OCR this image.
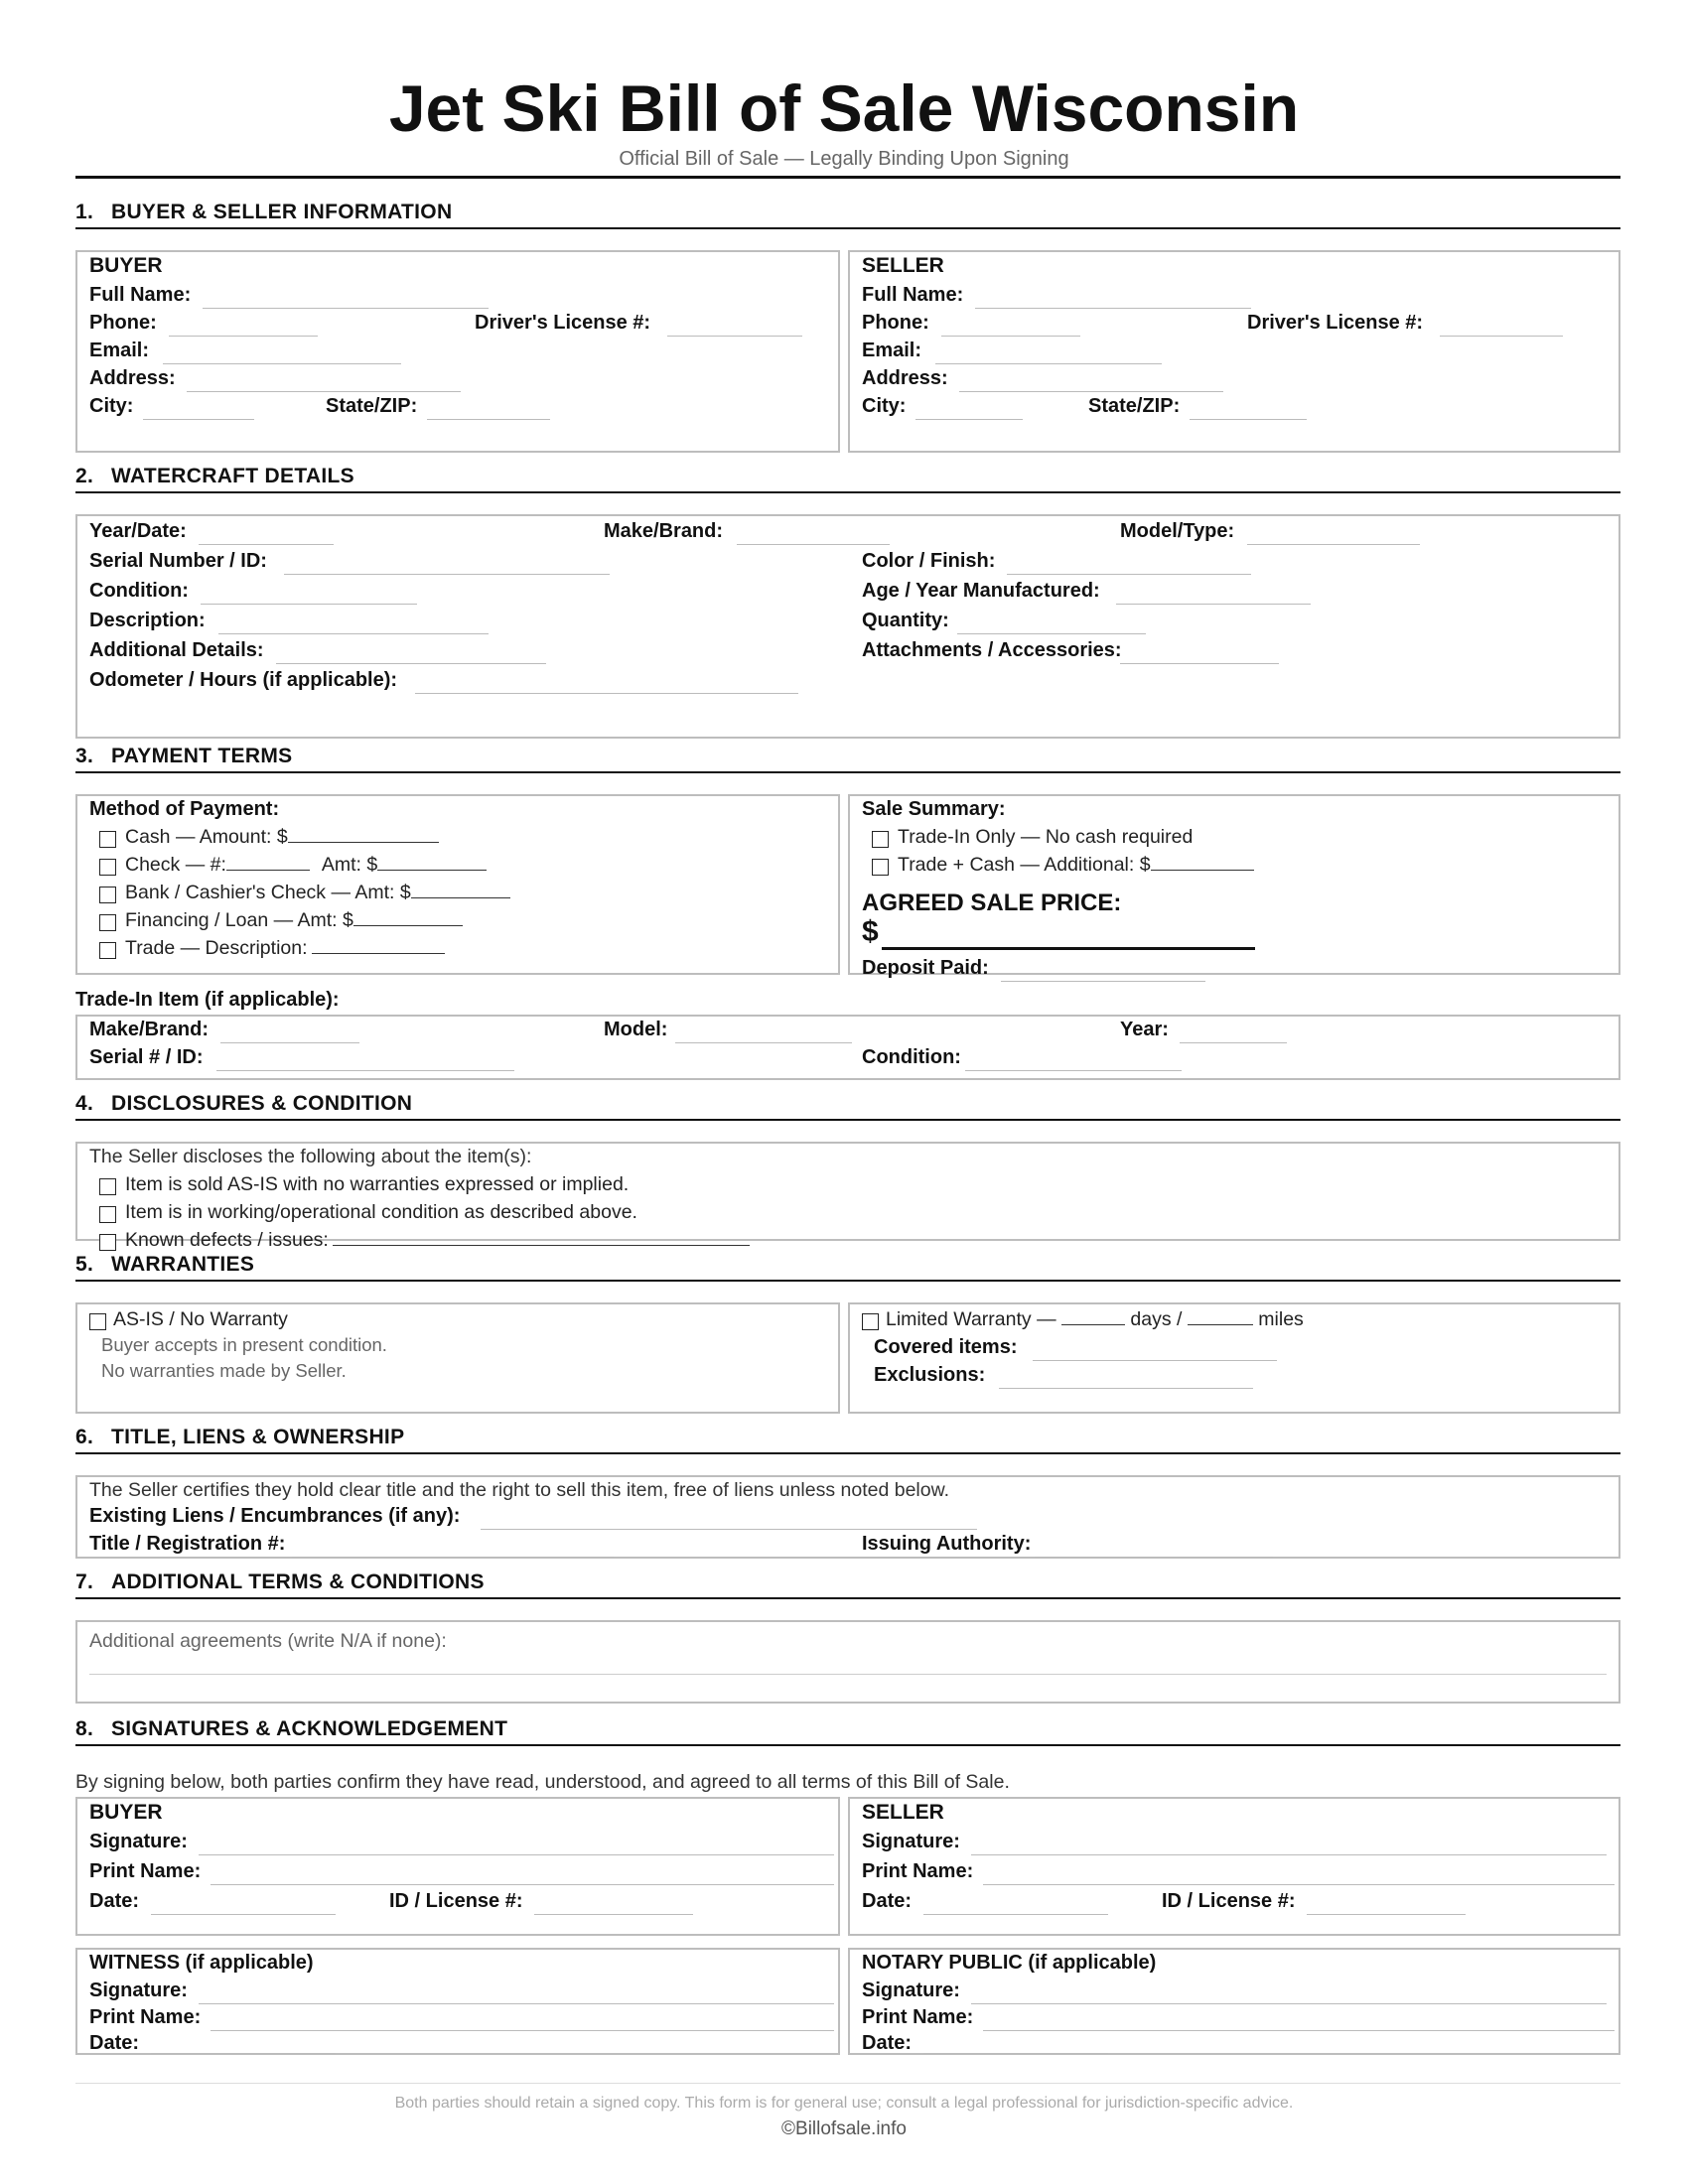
Jet Ski Bill of Sale Wisconsin
Official Bill of Sale — Legally Binding Upon Signing
1. BUYER & SELLER INFORMATION
BUYER
Full Name:
Phone:	Driver's License #:
Email:
Address:
City:	State/ZIP:
SELLER
Full Name:
Phone:	Driver's License #:
Email:
Address:
City:	State/ZIP:
2. WATERCRAFT DETAILS
Year/Date:	Make/Brand:	Model/Type:
Serial Number / ID:	Color / Finish:
Condition:	Age / Year Manufactured:
Description:	Quantity:
Additional Details:	Attachments / Accessories:
Odometer / Hours (if applicable):
3. PAYMENT TERMS
Method of Payment:
Cash — Amount: $
Check — #:	Amt: $
Bank / Cashier's Check — Amt: $
Financing / Loan — Amt: $
Trade — Description:
Sale Summary:
Trade-In Only — No cash required
Trade + Cash — Additional: $
AGREED SALE PRICE:
$
Deposit Paid:
Trade-In Item (if applicable):
Make/Brand:	Model:	Year:
Serial # / ID:	Condition:
4. DISCLOSURES & CONDITION
The Seller discloses the following about the item(s):
Item is sold AS-IS with no warranties expressed or implied.
Item is in working/operational condition as described above.
Known defects / issues:
5. WARRANTIES
AS-IS / No Warranty
Buyer accepts in present condition.
No warranties made by Seller.
Limited Warranty —	days /	miles
Covered items:
Exclusions:
6. TITLE, LIENS & OWNERSHIP
The Seller certifies they hold clear title and the right to sell this item, free of liens unless noted below.
Existing Liens / Encumbrances (if any):
Title / Registration #:	Issuing Authority:
7. ADDITIONAL TERMS & CONDITIONS
Additional agreements (write N/A if none):
8. SIGNATURES & ACKNOWLEDGEMENT
By signing below, both parties confirm they have read, understood, and agreed to all terms of this Bill of Sale.
BUYER
Signature:
Print Name:
Date:	ID / License #:
SELLER
Signature:
Print Name:
Date:	ID / License #:
WITNESS (if applicable)
Signature:
Print Name:
Date:
NOTARY PUBLIC (if applicable)
Signature:
Print Name:
Date:
Both parties should retain a signed copy. This form is for general use; consult a legal professional for jurisdiction-specific advice.
©Billofsale.info
